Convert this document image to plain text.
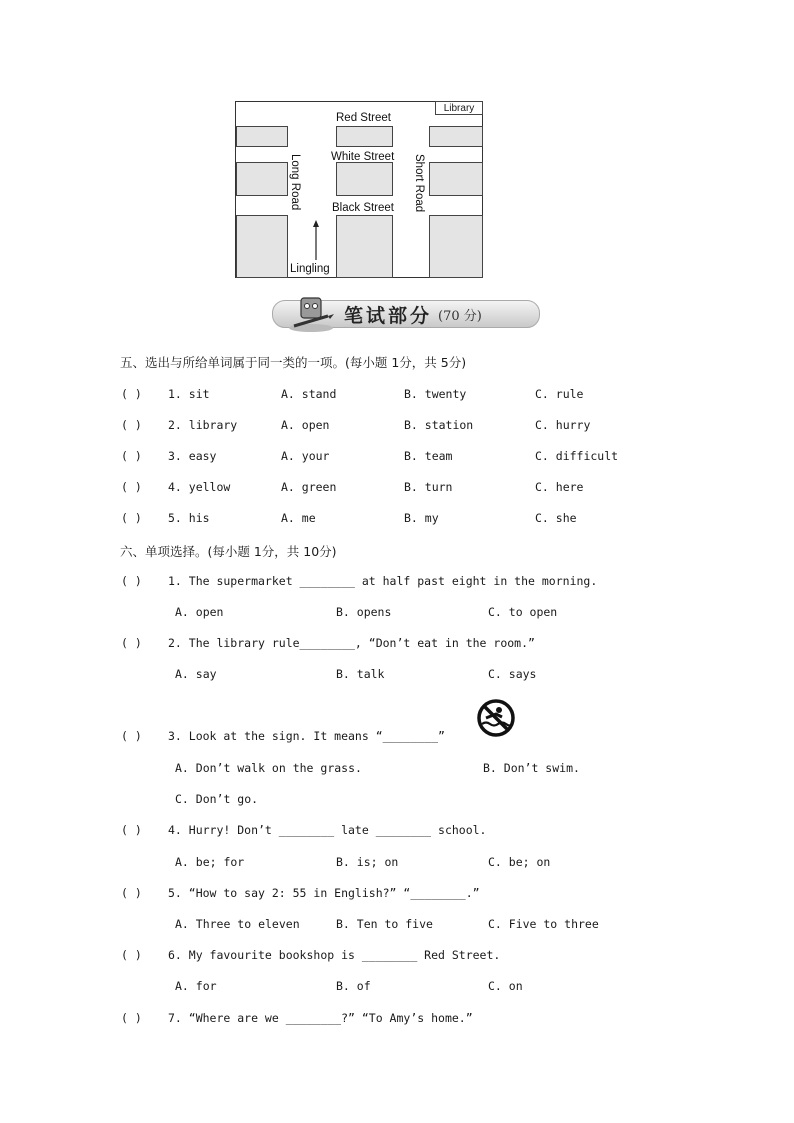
Library
Red Street
White Street
Black Street
Long Road	Short Road
Lingling
笔试部分 (70 分)
五、选出与所给单词属于同一类的一项。(每小题 1分，共 5分)
( ) 1. sit	A. stand	B. twenty	C. rule
( ) 2. library	A. open	B. station	C. hurry
( ) 3. easy	A. your	B. team	C. difficult
( ) 4. yellow	A. green	B. turn	C. here
( ) 5. his	A. me	B. my	C. she
六、单项选择。(每小题 1分，共 10分)
( ) 1. The supermarket ________ at half past eight in the morning.
A. open	B. opens	C. to open
( ) 2. The library rule________, “Don’t eat in the room.”
A. say	B. talk	C. says
( ) 3. Look at the sign. It means “________”
A. Don’t walk on the grass.	B. Don’t swim.
C. Don’t go.
( ) 4. Hurry! Don’t ________ late ________ school.
A. be; for	B. is; on	C. be; on
( ) 5. “How to say 2: 55 in English?” “________.”
A. Three to eleven	B. Ten to five	C. Five to three
( ) 6. My favourite bookshop is ________ Red Street.
A. for	B. of	C. on
( ) 7. “Where are we ________?” “To Amy’s home.”
